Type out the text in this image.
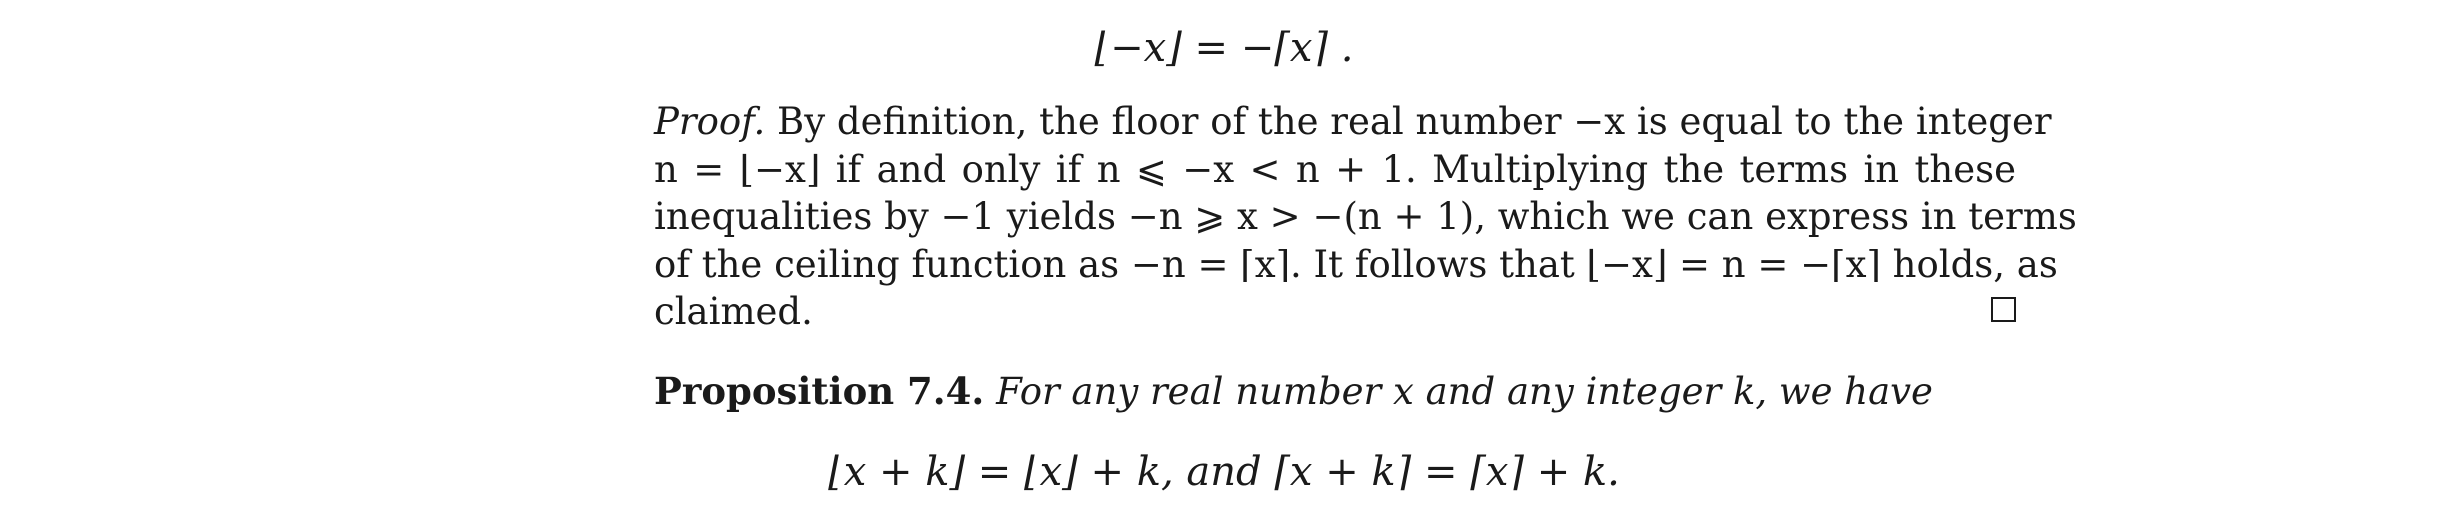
⌊−x⌋ = −⌈x⌉ .
Proof. By definition, the floor of the real number −x is equal to the integer
n = ⌊−x⌋ if and only if n ⩽ −x < n + 1. Multiplying the terms in these
inequalities by −1 yields −n ⩾ x > −(n + 1), which we can express in terms
of the ceiling function as −n = ⌈x⌉. It follows that ⌊−x⌋ = n = −⌈x⌉ holds, as
claimed.
Proposition 7.4. For any real number x and any integer k, we have
⌊x + k⌋ = ⌊x⌋ + k, and ⌈x + k⌉ = ⌈x⌉ + k.
